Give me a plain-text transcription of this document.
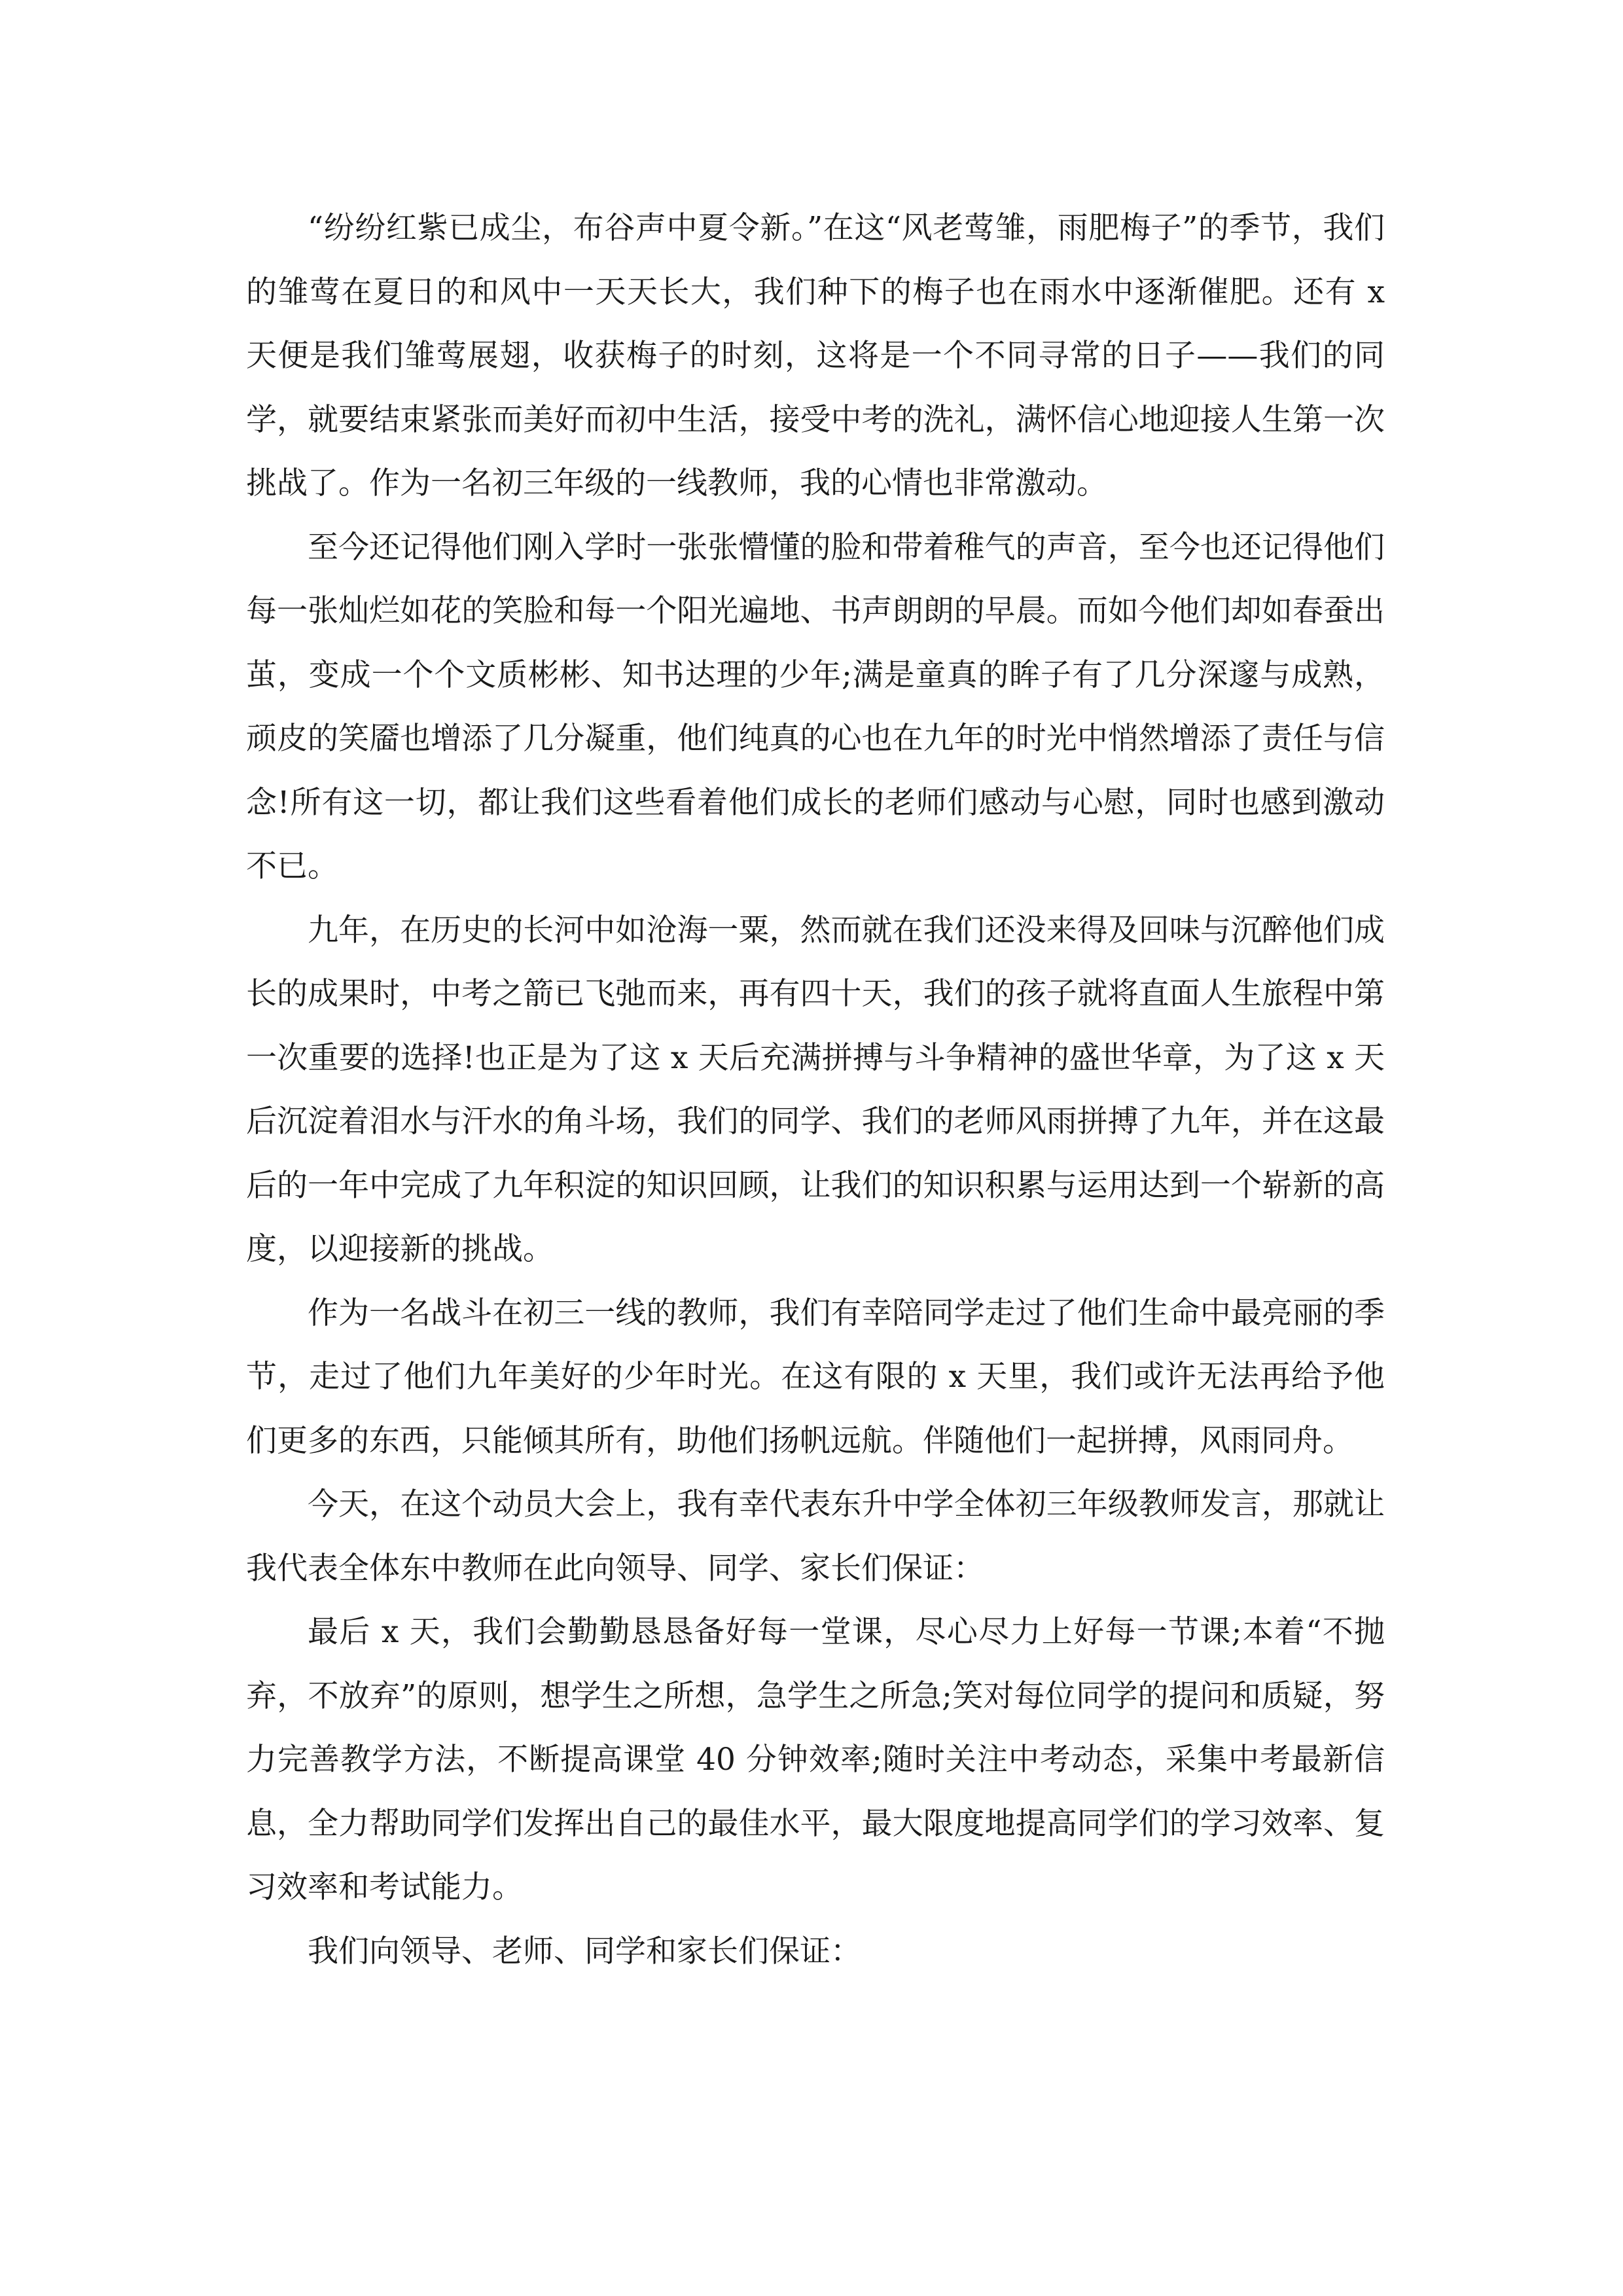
“纷纷红紫已成尘，布谷声中夏令新。”在这“风老莺雏，雨肥梅子”的季节，我们的雏莺在夏日的和风中一天天长大，我们种下的梅子也在雨水中逐渐催肥。还有 x 天便是我们雏莺展翅，收获梅子的时刻，这将是一个不同寻常的日子——我们的同学，就要结束紧张而美好而初中生活，接受中考的洗礼，满怀信心地迎接人生第一次挑战了。作为一名初三年级的一线教师，我的心情也非常激动。

至今还记得他们刚入学时一张张懵懂的脸和带着稚气的声音，至今也还记得他们每一张灿烂如花的笑脸和每一个阳光遍地、书声朗朗的早晨。而如今他们却如春蚕出茧，变成一个个文质彬彬、知书达理的少年;满是童真的眸子有了几分深邃与成熟，顽皮的笑靥也增添了几分凝重，他们纯真的心也在九年的时光中悄然增添了责任与信念!所有这一切，都让我们这些看着他们成长的老师们感动与心慰，同时也感到激动不已。

九年，在历史的长河中如沧海一粟，然而就在我们还没来得及回味与沉醉他们成长的成果时，中考之箭已飞弛而来，再有四十天，我们的孩子就将直面人生旅程中第一次重要的选择!也正是为了这 x 天后充满拼搏与斗争精神的盛世华章，为了这 x 天后沉淀着泪水与汗水的角斗场，我们的同学、我们的老师风雨拼搏了九年，并在这最后的一年中完成了九年积淀的知识回顾，让我们的知识积累与运用达到一个崭新的高度，以迎接新的挑战。

作为一名战斗在初三一线的教师，我们有幸陪同学走过了他们生命中最亮丽的季节，走过了他们九年美好的少年时光。在这有限的 x 天里，我们或许无法再给予他们更多的东西，只能倾其所有，助他们扬帆远航。伴随他们一起拼搏，风雨同舟。

今天，在这个动员大会上，我有幸代表东升中学全体初三年级教师发言，那就让我代表全体东中教师在此向领导、同学、家长们保证：

最后 x 天，我们会勤勤恳恳备好每一堂课，尽心尽力上好每一节课;本着“不抛弃，不放弃”的原则，想学生之所想，急学生之所急;笑对每位同学的提问和质疑，努力完善教学方法，不断提高课堂 40 分钟效率;随时关注中考动态，采集中考最新信息，全力帮助同学们发挥出自己的最佳水平，最大限度地提高同学们的学习效率、复习效率和考试能力。

我们向领导、老师、同学和家长们保证：
